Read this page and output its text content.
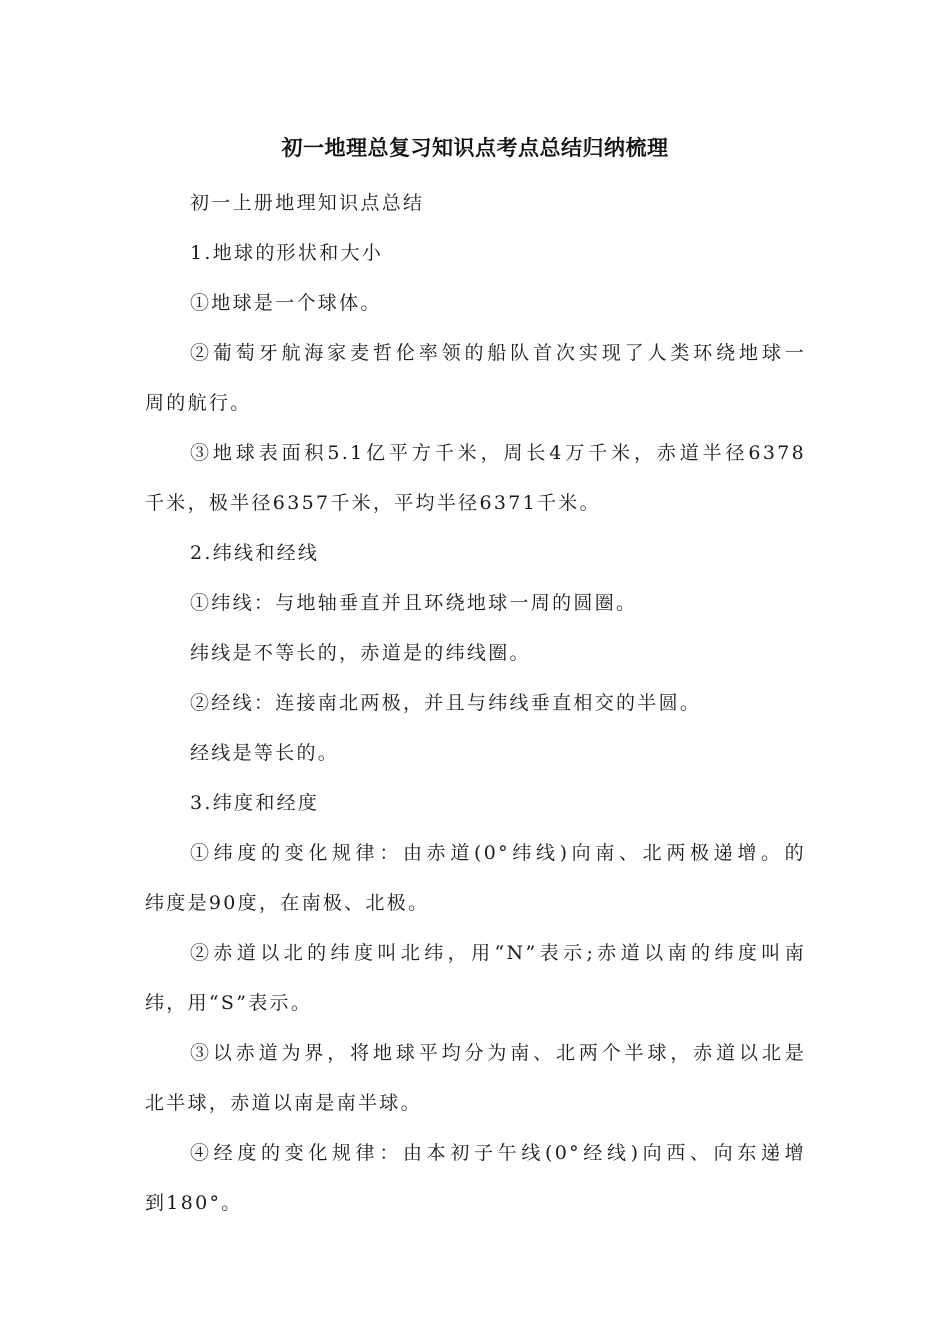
初一地理总复习知识点考点总结归纳梳理
初一上册地理知识点总结
1.地球的形状和大小
①地球是一个球体。
②葡萄牙航海家麦哲伦率领的船队首次实现了人类环绕地球一
周的航行。
③地球表面积5.1亿平方千米，周长4万千米，赤道半径6378
千米，极半径6357千米，平均半径6371千米。
2.纬线和经线
①纬线：与地轴垂直并且环绕地球一周的圆圈。
纬线是不等长的，赤道是的纬线圈。
②经线：连接南北两极，并且与纬线垂直相交的半圆。
经线是等长的。
3.纬度和经度
①纬度的变化规律：由赤道(0°纬线)向南、北两极递增。的
纬度是90度，在南极、北极。
②赤道以北的纬度叫北纬，用“N”表示;赤道以南的纬度叫南
纬，用“S”表示。
③以赤道为界，将地球平均分为南、北两个半球，赤道以北是
北半球，赤道以南是南半球。
④经度的变化规律：由本初子午线(0°经线)向西、向东递增
到180°。
